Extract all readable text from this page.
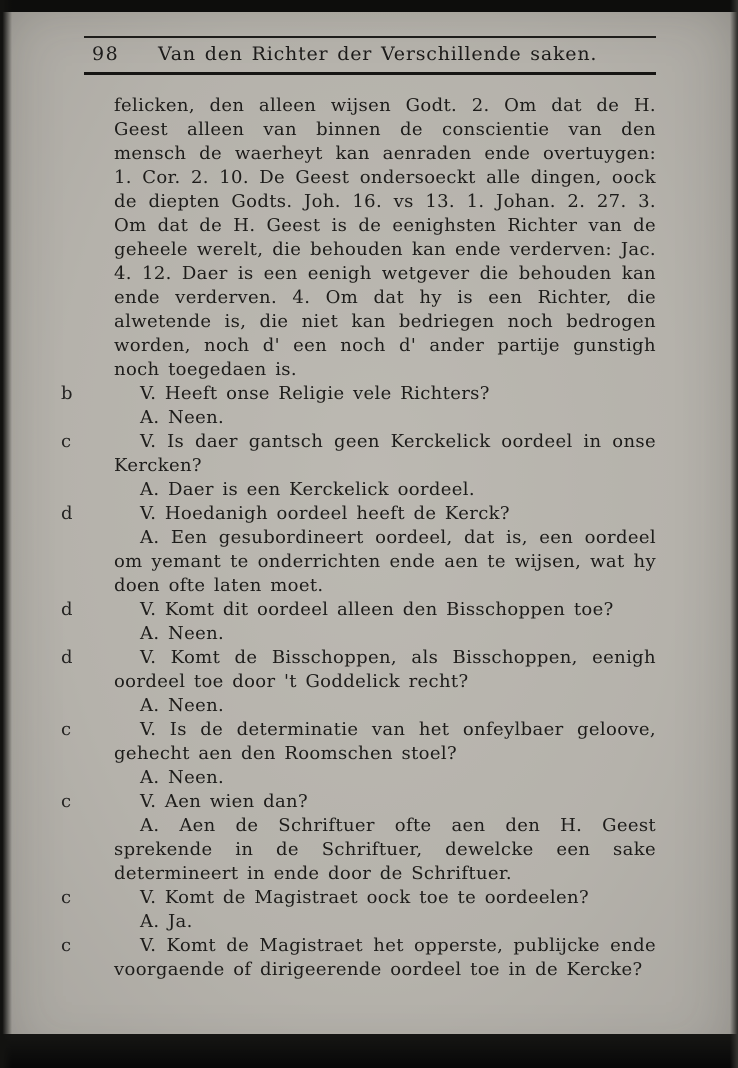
98	Van den Richter der Verschillende saken.

felicken, den alleen wijsen Godt. 2. Om dat de H. Geest alleen van binnen de conscientie van den mensch de waerheyt kan aenraden ende overtuygen: 1. Cor. 2. 10. De Geest ondersoeckt alle dingen, oock de diepten Godts. Joh. 16. vs 13. 1. Johan. 2. 27. 3. Om dat de H. Geest is de eenighsten Richter van de geheele werelt, die behouden kan ende verderven: Jac. 4. 12. Daer is een eenigh wetgever die behouden kan ende verderven. 4. Om dat hy is een Richter, die alwetende is, die niet kan bedriegen noch bedrogen worden, noch d' een noch d' ander partije gunstigh noch toegedaen is.

b	V. Heeft onse Religie vele Richters?

A. Neen.

c	V. Is daer gantsch geen Kerckelick oordeel in onse Kercken?

A. Daer is een Kerckelick oordeel.

d	V. Hoedanigh oordeel heeft de Kerck?

A. Een gesubordineert oordeel, dat is, een oordeel om yemant te onderrichten ende aen te wijsen, wat hy doen ofte laten moet.

d	V. Komt dit oordeel alleen den Bisschoppen toe?

A. Neen.

d	V. Komt de Bisschoppen, als Bisschoppen, eenigh oordeel toe door 't Goddelick recht?

A. Neen.

c	V. Is de determinatie van het onfeylbaer geloove, gehecht aen den Roomschen stoel?

A. Neen.

c	V. Aen wien dan?

A. Aen de Schriftuer ofte aen den H. Geest sprekende in de Schriftuer, dewelcke een sake determineert in ende door de Schriftuer.

c	V. Komt de Magistraet oock toe te oordeelen?

A. Ja.

c	V. Komt de Magistraet het opperste, publijcke ende voorgaende of dirigeerende oordeel toe in de Kercke?
